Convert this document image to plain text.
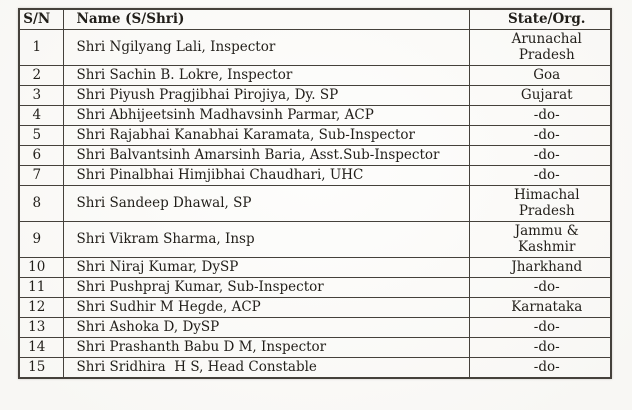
S/N	Name (S/Shri)	State/Org.
1	Shri Ngilyang Lali, Inspector	Arunachal Pradesh
2	Shri Sachin B. Lokre, Inspector	Goa
3	Shri Piyush Pragjibhai Pirojiya, Dy. SP	Gujarat
4	Shri Abhijeetsinh Madhavsinh Parmar, ACP	-do-
5	Shri Rajabhai Kanabhai Karamata, Sub-Inspector	-do-
6	Shri Balvantsinh Amarsinh Baria, Asst.Sub-Inspector	-do-
7	Shri Pinalbhai Himjibhai Chaudhari, UHC	-do-
8	Shri Sandeep Dhawal, SP	Himachal Pradesh
9	Shri Vikram Sharma, Insp	Jammu & Kashmir
10	Shri Niraj Kumar, DySP	Jharkhand
11	Shri Pushpraj Kumar, Sub-Inspector	-do-
12	Shri Sudhir M Hegde, ACP	Karnataka
13	Shri Ashoka D, DySP	-do-
14	Shri Prashanth Babu D M, Inspector	-do-
15	Shri Sridhira  H S, Head Constable	-do-
